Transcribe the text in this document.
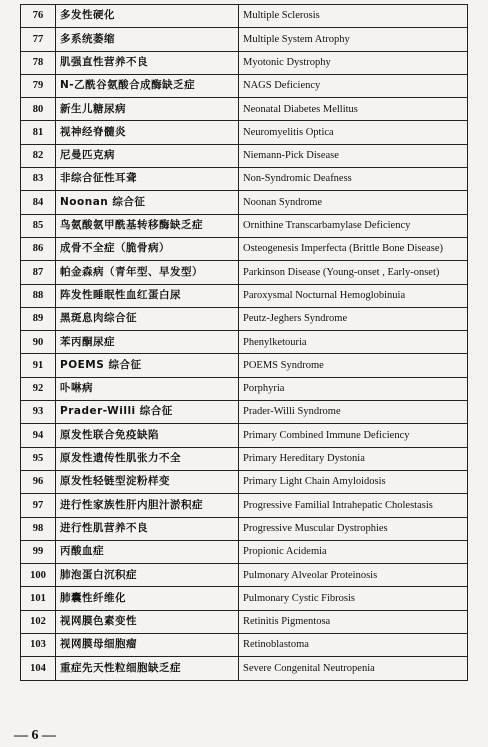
76	多发性硬化	Multiple Sclerosis
77	多系统萎缩	Multiple System Atrophy
78	肌强直性营养不良	Myotonic Dystrophy
79	N-乙酰谷氨酸合成酶缺乏症	NAGS Deficiency
80	新生儿糖尿病	Neonatal Diabetes Mellitus
81	视神经脊髓炎	Neuromyelitis Optica
82	尼曼匹克病	Niemann-Pick Disease
83	非综合征性耳聋	Non-Syndromic Deafness
84	Noonan 综合征	Noonan Syndrome
85	鸟氨酸氨甲酰基转移酶缺乏症	Ornithine Transcarbamylase Deficiency
86	成骨不全症（脆骨病）	Osteogenesis Imperfecta (Brittle Bone Disease)
87	帕金森病（青年型、早发型）	Parkinson Disease (Young-onset , Early-onset)
88	阵发性睡眠性血红蛋白尿	Paroxysmal Nocturnal Hemoglobinuia
89	黑斑息肉综合征	Peutz-Jeghers Syndrome
90	苯丙酮尿症	Phenylketouria
91	POEMS 综合征	POEMS Syndrome
92	卟啉病	Porphyria
93	Prader-Willi 综合征	Prader-Willi Syndrome
94	原发性联合免疫缺陷	Primary Combined Immune Deficiency
95	原发性遗传性肌张力不全	Primary Hereditary Dystonia
96	原发性轻链型淀粉样变	Primary Light Chain Amyloidosis
97	进行性家族性肝内胆汁淤积症	Progressive Familial Intrahepatic Cholestasis
98	进行性肌营养不良	Progressive Muscular Dystrophies
99	丙酸血症	Propionic Acidemia
100	肺泡蛋白沉积症	Pulmonary Alveolar Proteinosis
101	肺囊性纤维化	Pulmonary Cystic Fibrosis
102	视网膜色素变性	Retinitis Pigmentosa
103	视网膜母细胞瘤	Retinoblastoma
104	重症先天性粒细胞缺乏症	Severe Congenital Neutropenia
— 6 —
